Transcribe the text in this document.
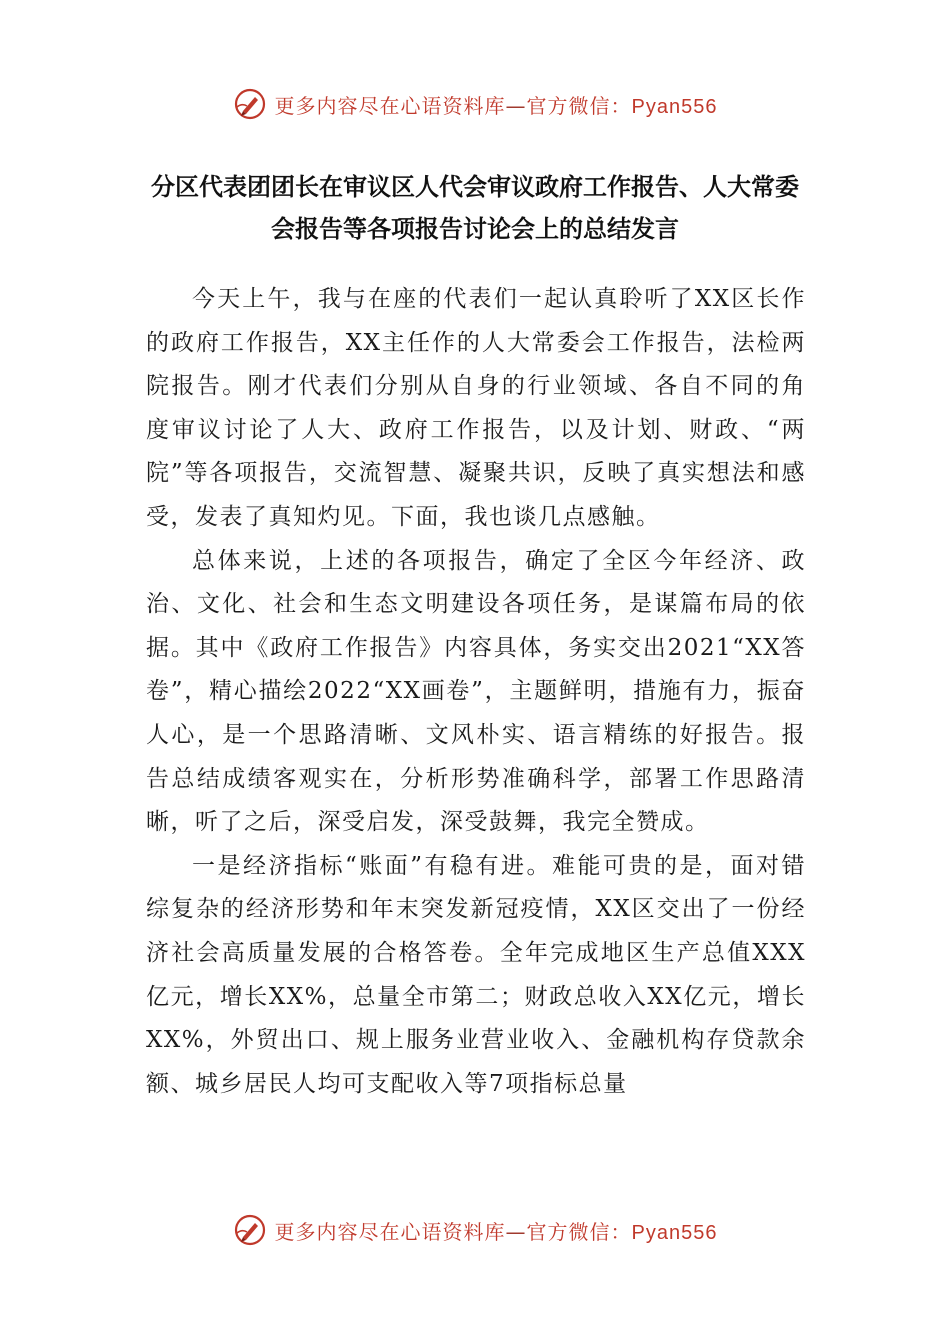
更多内容尽在心语资料库—官方微信：Pyan556
分区代表团团长在审议区人代会审议政府工作报告、人大常委会报告等各项报告讨论会上的总结发言

今天上午，我与在座的代表们一起认真聆听了XX区长作的政府工作报告，XX主任作的人大常委会工作报告，法检两院报告。刚才代表们分别从自身的行业领域、各自不同的角度审议讨论了人大、政府工作报告，以及计划、财政、“两院”等各项报告，交流智慧、凝聚共识，反映了真实想法和感受，发表了真知灼见。下面，我也谈几点感触。

总体来说，上述的各项报告，确定了全区今年经济、政治、文化、社会和生态文明建设各项任务，是谋篇布局的依据。其中《政府工作报告》内容具体，务实交出2021“XX答卷”，精心描绘2022“XX画卷”，主题鲜明，措施有力，振奋人心，是一个思路清晰、文风朴实、语言精练的好报告。报告总结成绩客观实在，分析形势准确科学，部署工作思路清晰，听了之后，深受启发，深受鼓舞，我完全赞成。

一是经济指标“账面”有稳有进。难能可贵的是，面对错综复杂的经济形势和年末突发新冠疫情，XX区交出了一份经济社会高质量发展的合格答卷。全年完成地区生产总值XXX亿元，增长XX%，总量全市第二；财政总收入XX亿元，增长XX%，外贸出口、规上服务业营业收入、金融机构存贷款余额、城乡居民人均可支配收入等7项指标总量

更多内容尽在心语资料库—官方微信：Pyan556
